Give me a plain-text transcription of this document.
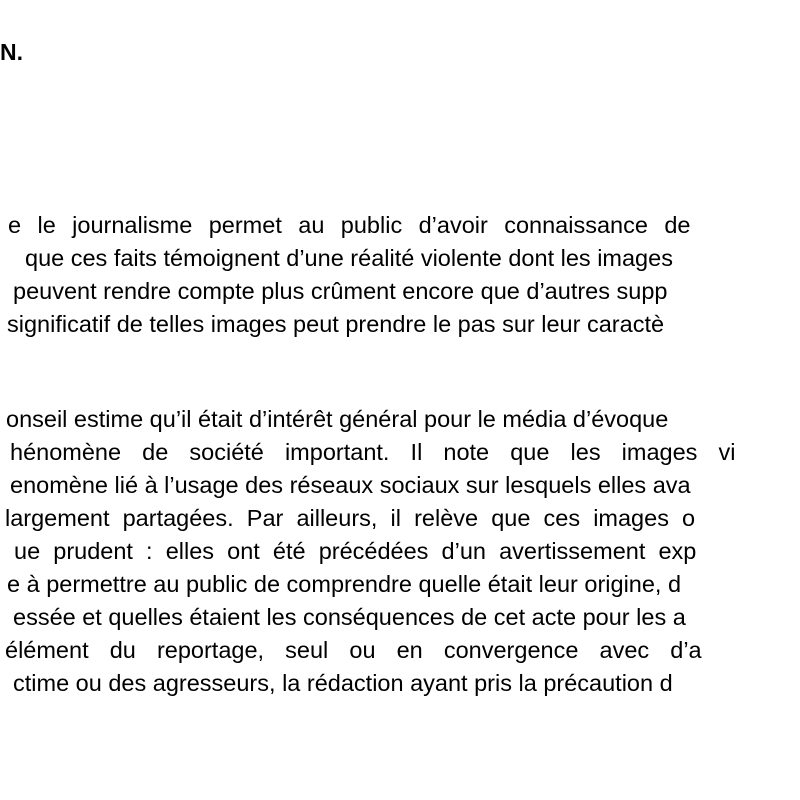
N.
e le journalisme permet au public d’avoir connaissance de
que ces faits témoignent d’une réalité violente dont les images
peuvent rendre compte plus crûment encore que d’autres supp
significatif de telles images peut prendre le pas sur leur caractè
onseil estime qu’il était d’intérêt général pour le média d’évoque
hénomène de société important. Il note que les images vi
enomène lié à l’usage des réseaux sociaux sur lesquels elles ava
largement partagées. Par ailleurs, il relève que ces images o
ue prudent : elles ont été précédées d’un avertissement exp
e à permettre au public de comprendre quelle était leur origine, d
essée et quelles étaient les conséquences de cet acte pour les a
élément du reportage, seul ou en convergence avec d’a
ctime ou des agresseurs, la rédaction ayant pris la précaution d
